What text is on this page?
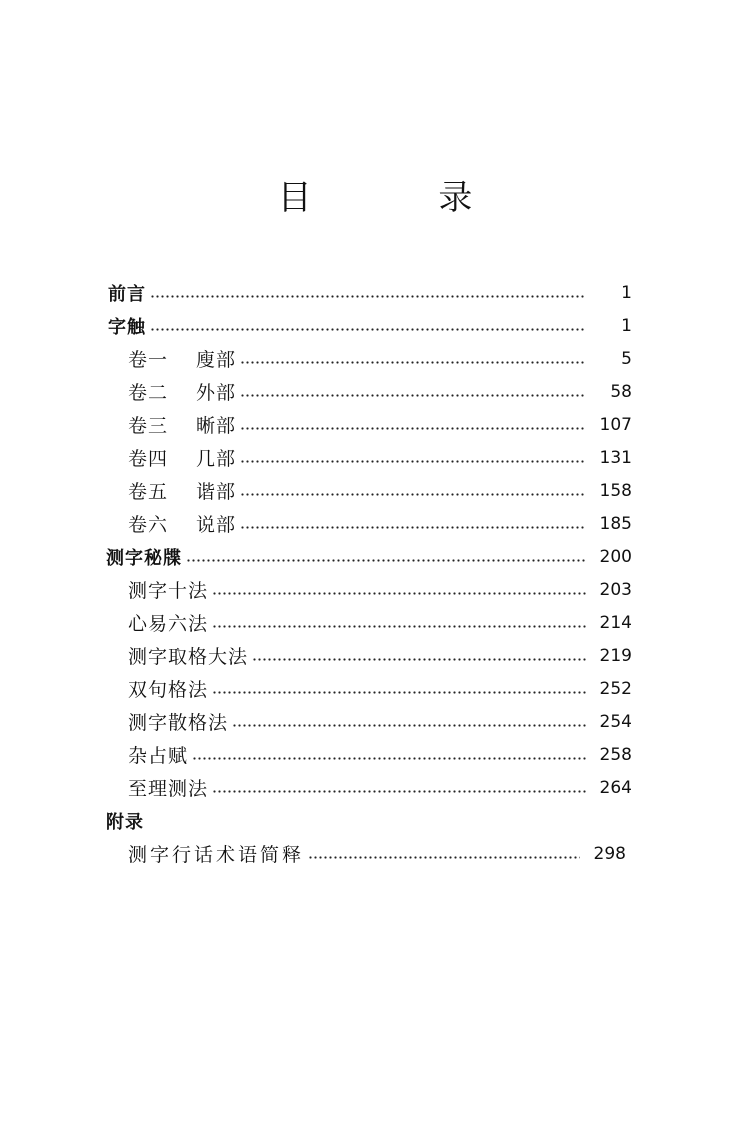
目 录
前言	1
字触	1
卷一 廋部	5
卷二 外部	58
卷三 晰部	107
卷四 几部	131
卷五 谐部	158
卷六 说部	185
测字秘牒	200
测字十法	203
心易六法	214
测字取格大法	219
双句格法	252
测字散格法	254
杂占赋	258
至理测法	264
附录
测字行话术语简释	298
